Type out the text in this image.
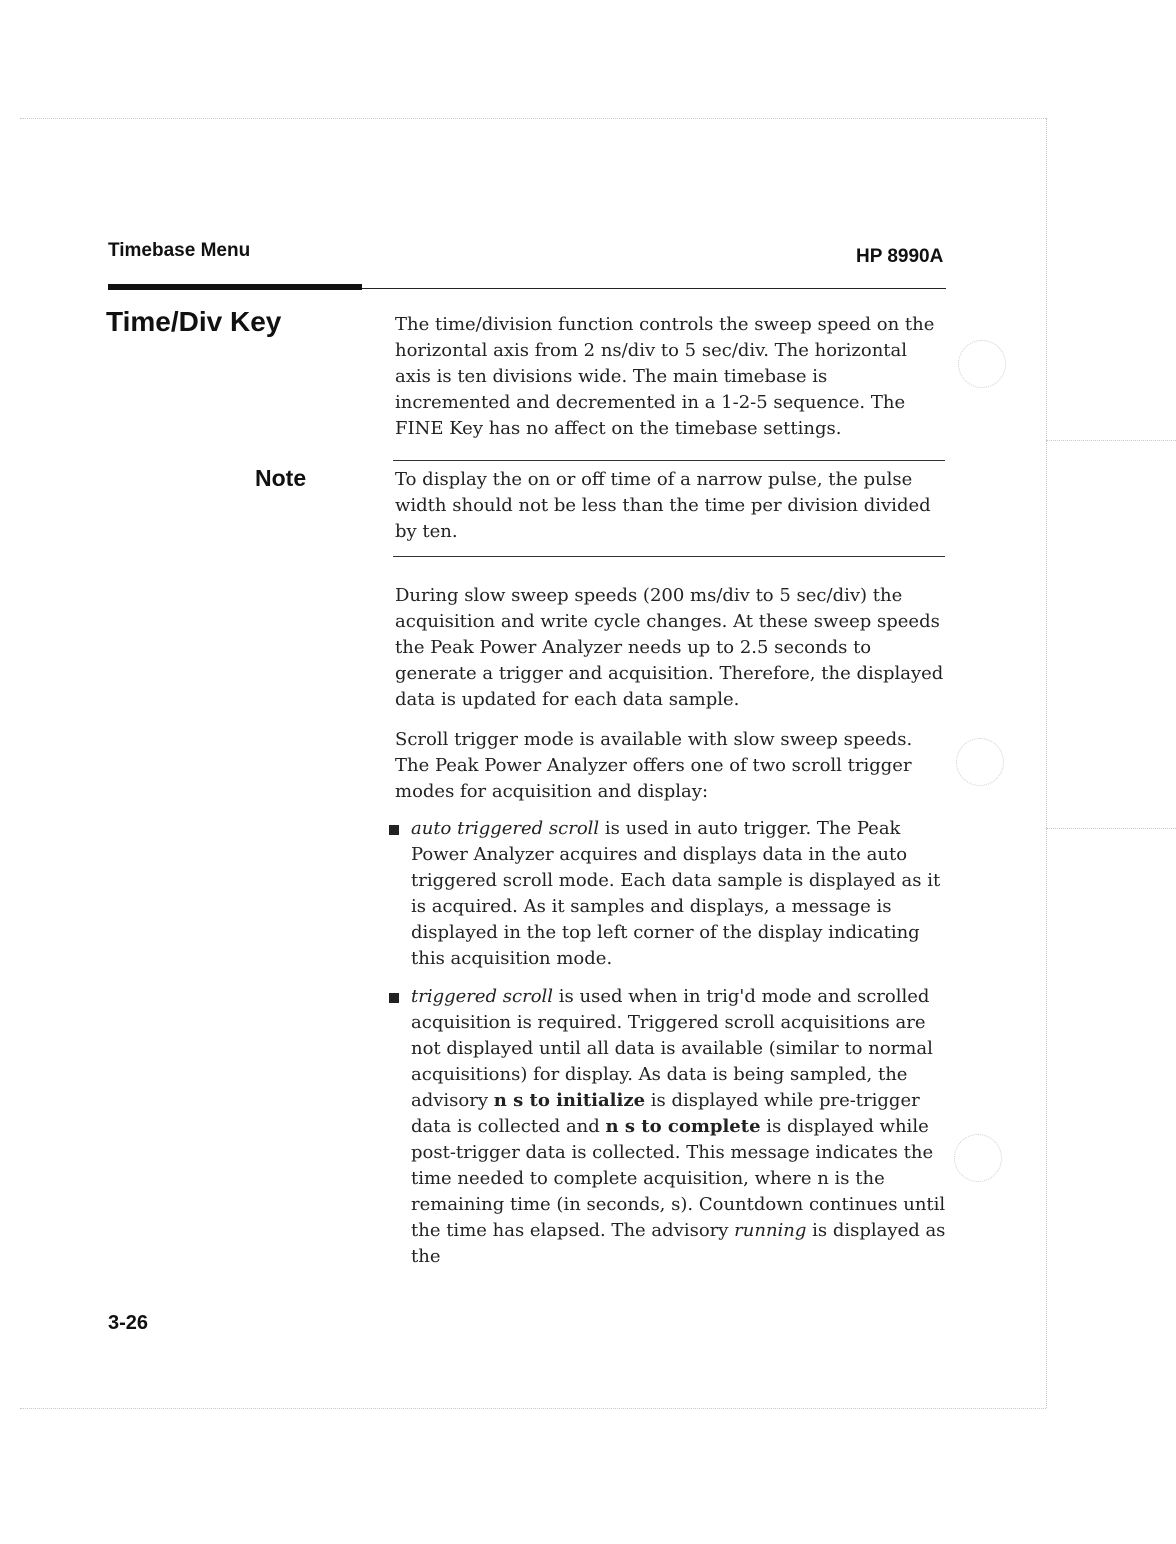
Timebase Menu	HP 8990A
Time/Div Key
Note

The time/division function controls the sweep speed on the horizontal axis from 2 ns/div to 5 sec/div. The horizontal axis is ten divisions wide. The main timebase is incremented and decremented in a 1-2-5 sequence. The FINE Key has no affect on the timebase settings.

To display the on or off time of a narrow pulse, the pulse width should not be less than the time per division divided by ten.

During slow sweep speeds (200 ms/div to 5 sec/div) the acquisition and write cycle changes. At these sweep speeds the Peak Power Analyzer needs up to 2.5 seconds to generate a trigger and acquisition. Therefore, the displayed data is updated for each data sample.

Scroll trigger mode is available with slow sweep speeds. The Peak Power Analyzer offers one of two scroll trigger modes for acquisition and display:

auto triggered scroll is used in auto trigger. The Peak Power Analyzer acquires and displays data in the auto triggered scroll mode. Each data sample is displayed as it is acquired. As it samples and displays, a message is displayed in the top left corner of the display indicating this acquisition mode.

triggered scroll is used when in trig'd mode and scrolled acquisition is required. Triggered scroll acquisitions are not displayed until all data is available (similar to normal acquisitions) for display. As data is being sampled, the advisory n s to initialize is displayed while pre-trigger data is collected and n s to complete is displayed while post-trigger data is collected. This message indicates the time needed to complete acquisition, where n is the remaining time (in seconds, s). Countdown continues until the time has elapsed. The advisory running is displayed as the

3-26
